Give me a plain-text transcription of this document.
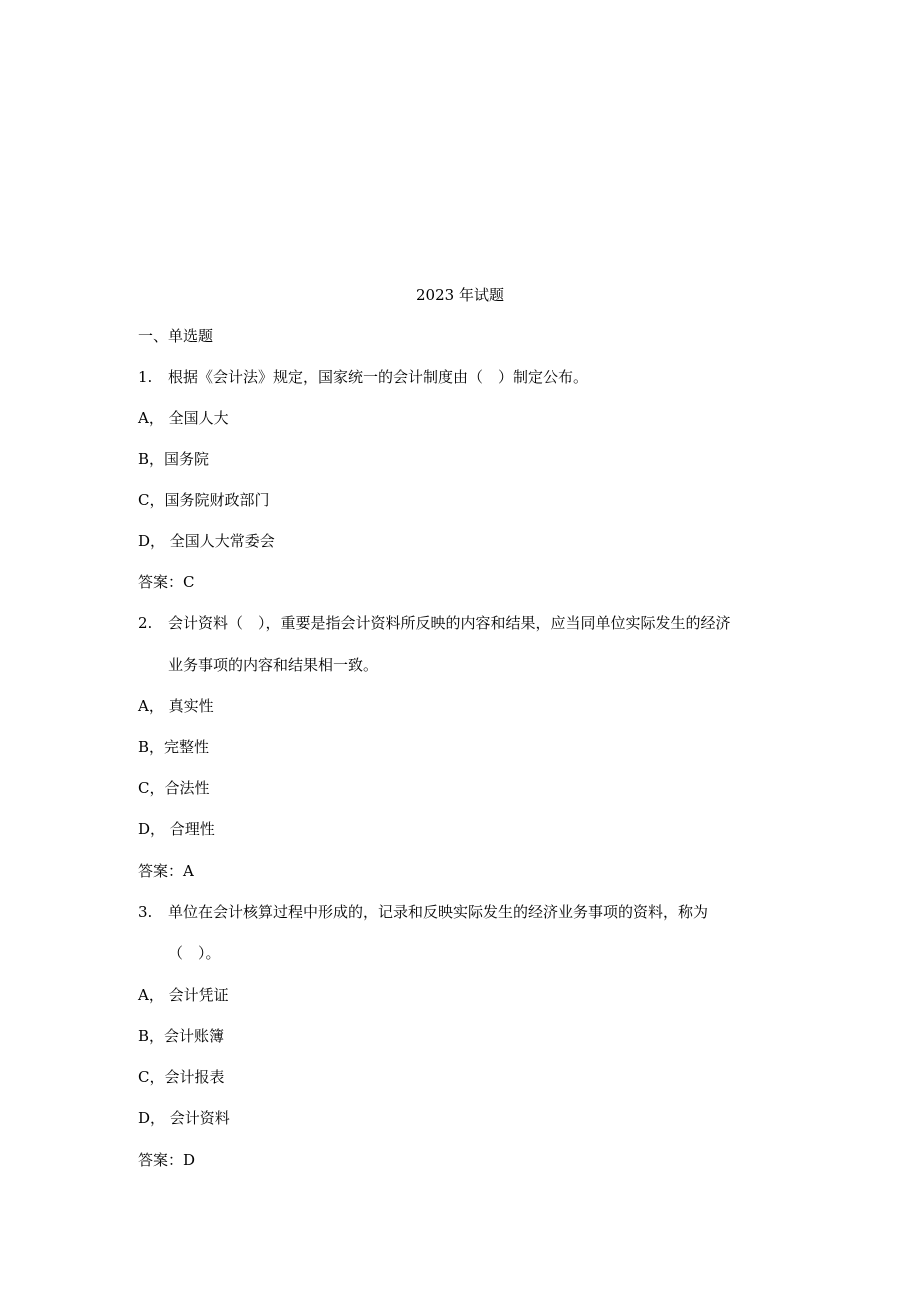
2023 年试题
一、单选题
1. 根据《会计法》规定，国家统一的会计制度由（　）制定公布。
A， 全国人大
B，国务院
C，国务院财政部门
D， 全国人大常委会
答案：C
2. 会计资料（　），重要是指会计资料所反映的内容和结果，应当同单位实际发生的经济
业务事项的内容和结果相一致。
A， 真实性
B，完整性
C，合法性
D， 合理性
答案：A
3. 单位在会计核算过程中形成的，记录和反映实际发生的经济业务事项的资料，称为
（　）。
A， 会计凭证
B，会计账簿
C，会计报表
D， 会计资料
答案：D
